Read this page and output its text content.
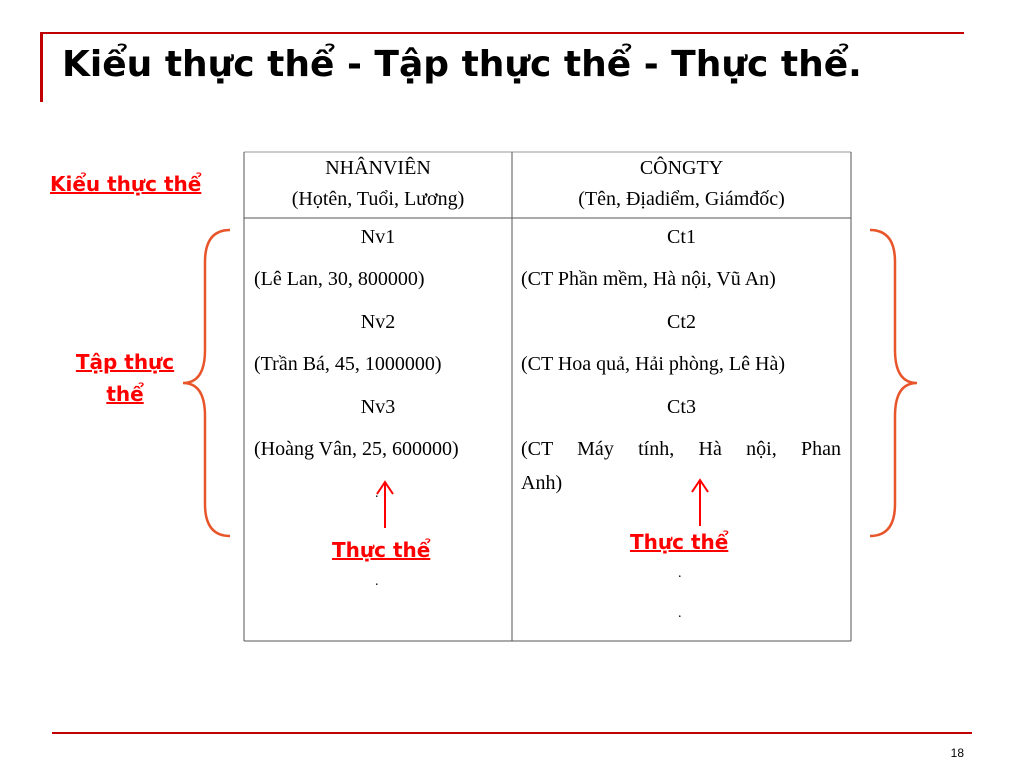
Kiểu thực thể - Tập thực thể - Thực thể.
NHÂNVIÊN
(Họtên, Tuổi, Lương)
CÔNGTY
(Tên, Địadiểm, Giámđốc)
Nv1
(Lê Lan, 30, 800000)
Nv2
(Trần Bá, 45, 1000000)
Nv3
(Hoàng Vân, 25, 600000)
.
.
Ct1
(CT Phần mềm, Hà nội, Vũ An)
Ct2
(CT Hoa quả, Hải phòng, Lê Hà)
Ct3
(CT Máy tính, Hà nội, Phan
Anh)
.
.
Kiểu thực thể
Tập thực
thể
Thực thể	Thực thể
18
